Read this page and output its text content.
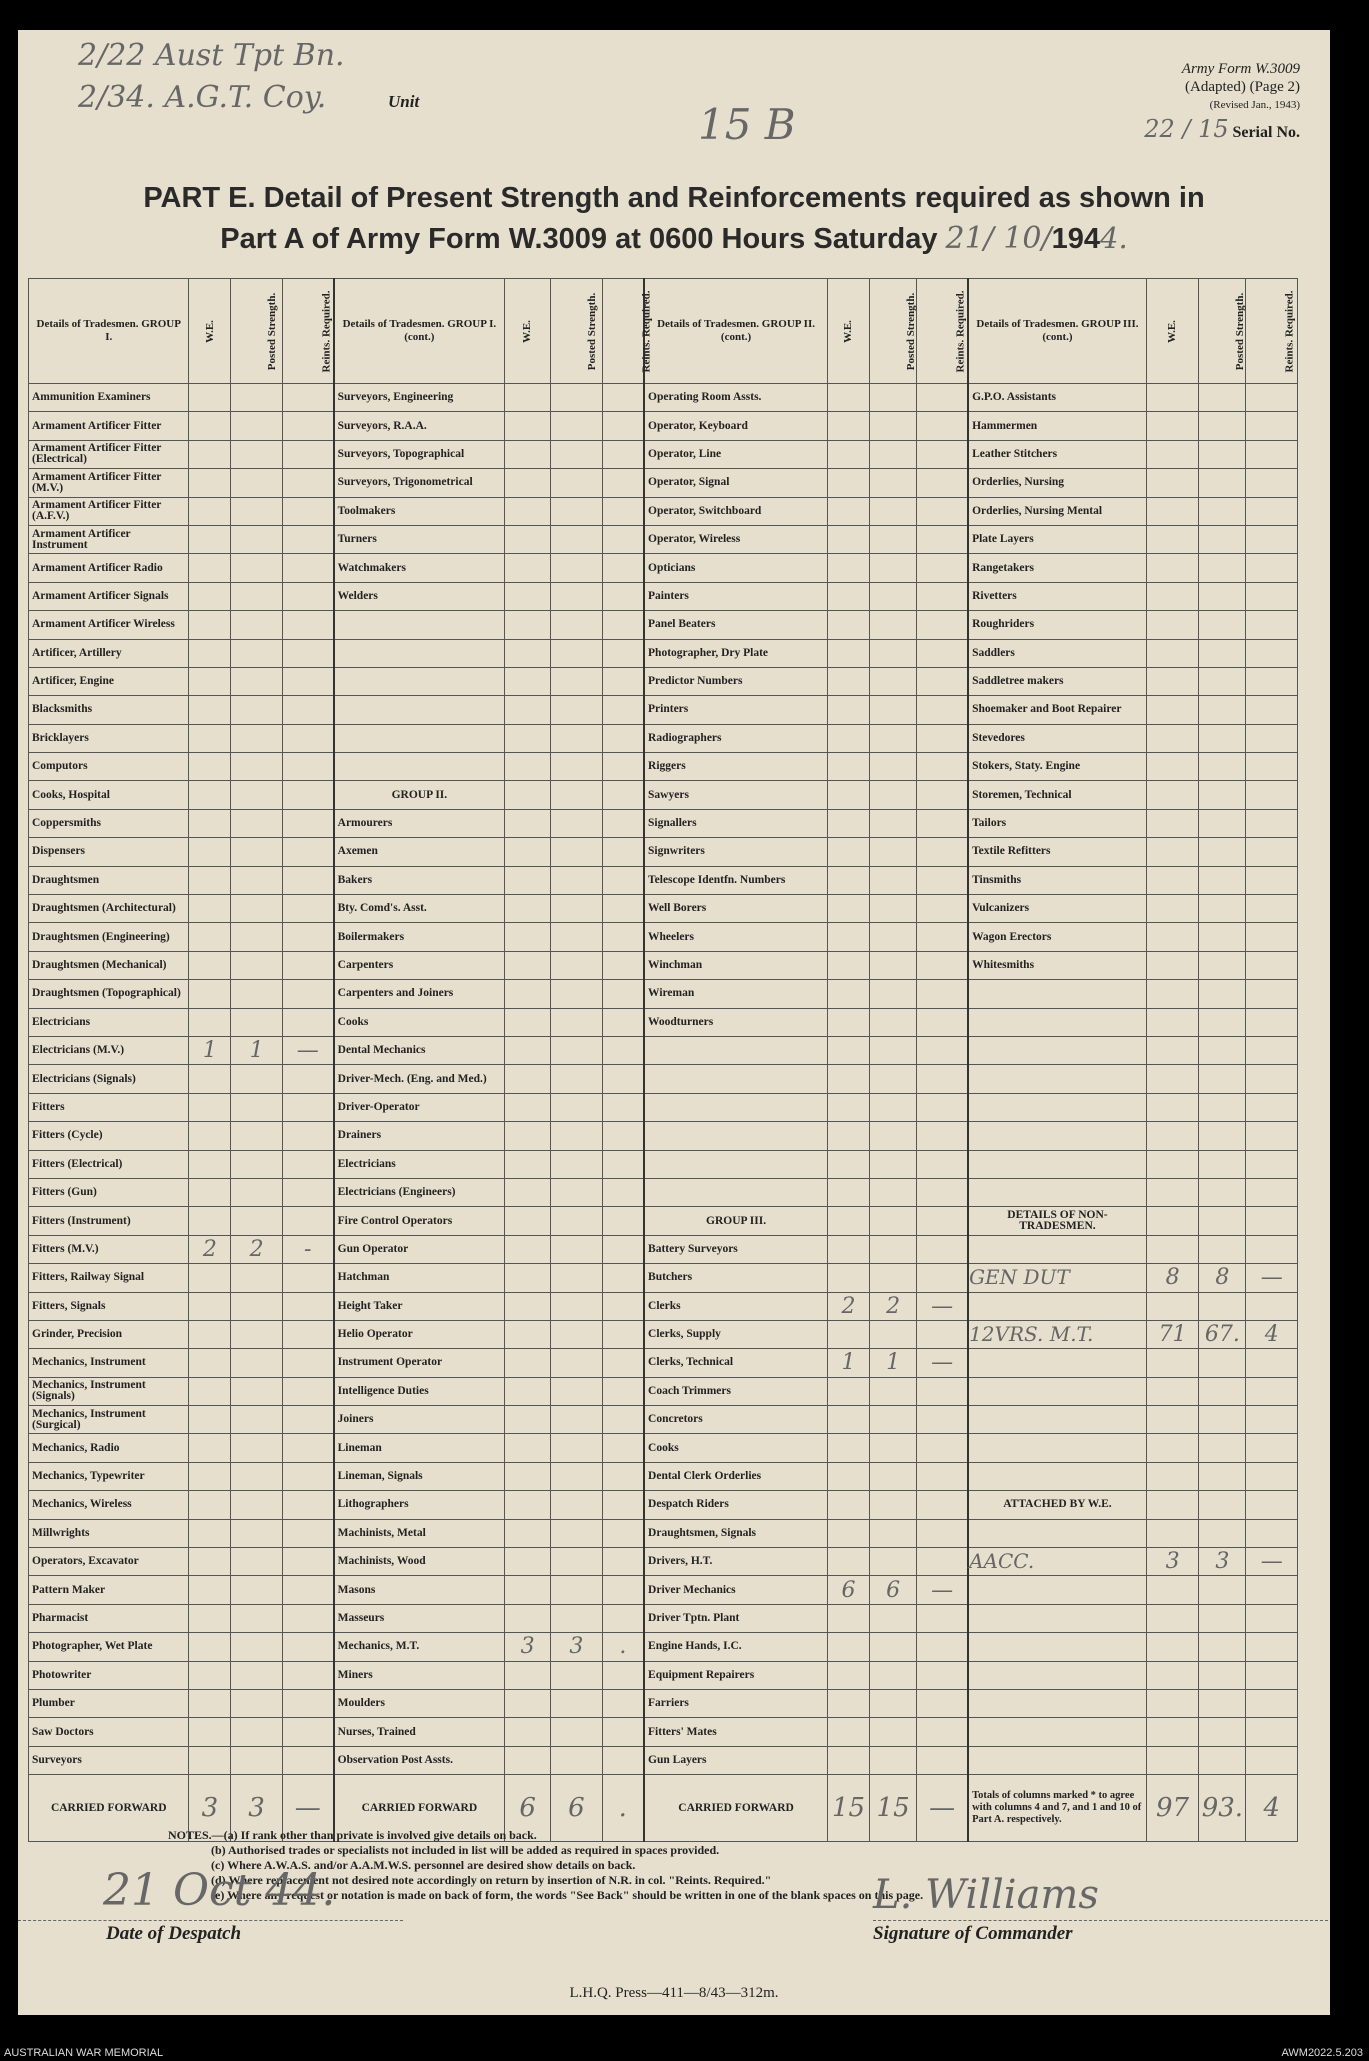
2/22 Aust Tpt Bn.
2/34. A.G.T. Coy.	Unit	15 B
Army Form W.3009
(Adapted) (Page 2)
(Revised Jan., 1943)
22 / 15 Serial No.
PART E. Detail of Present Strength and Reinforcements required as shown in
Part A of Army Form W.3009 at 0600 Hours Saturday 21/ 10/1944.
Details of Tradesmen. GROUP I.	W.E.	Posted Strength.	Reints. Required.	Details of Tradesmen. GROUP I. (cont.)	W.E.	Posted Strength.	Reints. Required.	Details of Tradesmen. GROUP II. (cont.)	W.E.	Posted Strength.	Reints. Required.	Details of Tradesmen. GROUP III. (cont.)	W.E.	Posted Strength.	Reints. Required.
Ammunition Examiners				Surveyors, Engineering				Operating Room Assts.				G.P.O. Assistants			
Armament Artificer Fitter				Surveyors, R.A.A.				Operator, Keyboard				Hammermen			
Armament Artificer Fitter (Electrical)				Surveyors, Topographical				Operator, Line				Leather Stitchers			
Armament Artificer Fitter (M.V.)				Surveyors, Trigonometrical				Operator, Signal				Orderlies, Nursing			
Armament Artificer Fitter (A.F.V.)				Toolmakers				Operator, Switchboard				Orderlies, Nursing Mental			
Armament Artificer Instrument				Turners				Operator, Wireless				Plate Layers			
Armament Artificer Radio				Watchmakers				Opticians				Rangetakers			
Armament Artificer Signals				Welders				Painters				Rivetters			
Armament Artificer Wireless								Panel Beaters				Roughriders			
Artificer, Artillery								Photographer, Dry Plate				Saddlers			
Artificer, Engine								Predictor Numbers				Saddletree makers			
Blacksmiths								Printers				Shoemaker and Boot Repairer			
Bricklayers								Radiographers				Stevedores			
Computors								Riggers				Stokers, Staty. Engine			
Cooks, Hospital				GROUP II.				Sawyers				Storemen, Technical			
Coppersmiths				Armourers				Signallers				Tailors			
Dispensers				Axemen				Signwriters				Textile Refitters			
Draughtsmen				Bakers				Telescope Identfn. Numbers				Tinsmiths			
Draughtsmen (Architectural)				Bty. Comd's. Asst.				Well Borers				Vulcanizers			
Draughtsmen (Engineering)				Boilermakers				Wheelers				Wagon Erectors			
Draughtsmen (Mechanical)				Carpenters				Winchman				Whitesmiths			
Draughtsmen (Topographical)				Carpenters and Joiners				Wireman							
Electricians				Cooks				Woodturners							
Electricians (M.V.)	1	1	—	Dental Mechanics											
Electricians (Signals)				Driver-Mech. (Eng. and Med.)											
Fitters				Driver-Operator											
Fitters (Cycle)				Drainers											
Fitters (Electrical)				Electricians											
Fitters (Gun)				Electricians (Engineers)											
Fitters (Instrument)				Fire Control Operators				GROUP III.				DETAILS OF NON-TRADESMEN.			
Fitters (M.V.)	2	2	-	Gun Operator				Battery Surveyors							
Fitters, Railway Signal				Hatchman				Butchers				GEN DUT	8	8	—
Fitters, Signals				Height Taker				Clerks	2	2	—				
Grinder, Precision				Helio Operator				Clerks, Supply				12VRS. M.T.	71	67.	4
Mechanics, Instrument				Instrument Operator				Clerks, Technical	1	1	—				
Mechanics, Instrument (Signals)				Intelligence Duties				Coach Trimmers							
Mechanics, Instrument (Surgical)				Joiners				Concretors							
Mechanics, Radio				Lineman				Cooks							
Mechanics, Typewriter				Lineman, Signals				Dental Clerk Orderlies							
Mechanics, Wireless				Lithographers				Despatch Riders				ATTACHED BY W.E.			
Millwrights				Machinists, Metal				Draughtsmen, Signals							
Operators, Excavator				Machinists, Wood				Drivers, H.T.				AACC.	3	3	—
Pattern Maker				Masons				Driver Mechanics	6	6	—				
Pharmacist				Masseurs				Driver Tptn. Plant							
Photographer, Wet Plate				Mechanics, M.T.	3	3	.	Engine Hands, I.C.							
Photowriter				Miners				Equipment Repairers							
Plumber				Moulders				Farriers							
Saw Doctors				Nurses, Trained				Fitters' Mates							
Surveyors				Observation Post Assts.				Gun Layers							
CARRIED FORWARD	3	3	—	CARRIED FORWARD	6	6	.	CARRIED FORWARD	15	15	—	Totals of columns marked * to agree with columns 4 and 7, and 1 and 10 of Part A. respectively.	97	93.	4
NOTES.—(a) If rank other than private is involved give details on back.
(b) Authorised trades or specialists not included in list will be added as required in spaces provided.
(c) Where A.W.A.S. and/or A.A.M.W.S. personnel are desired show details on back.
(d) Where replacement not desired note accordingly on return by insertion of N.R. in col. "Reints. Required."
(e) Where any request or notation is made on back of form, the words "See Back" should be written in one of the blank spaces on this page.
21 Oct 44.
Date of Despatch
L. Williams
Signature of Commander
L.H.Q. Press—411—8/43—312m.
AUSTRALIAN WAR MEMORIAL	AWM2022.5.203
